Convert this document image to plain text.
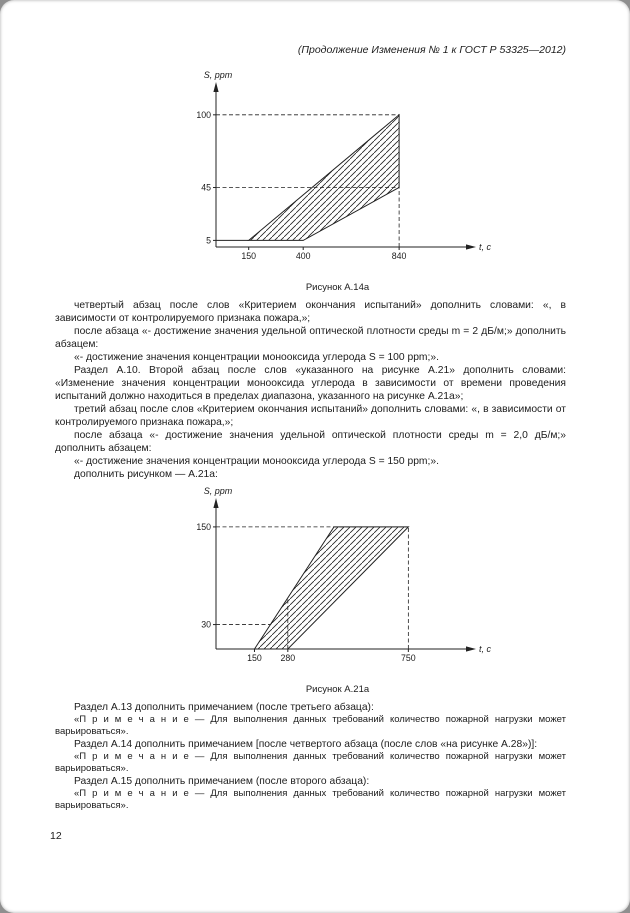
(Продолжение Изменения № 1 к ГОСТ Р 53325—2012)
S, ppm
t, с
5
45
100
150	400	840
Рисунок А.14а

четвертый абзац после слов «Критерием окончания испытаний» дополнить словами: «, в зависимости от контролируемого признака пожара,»;

после абзаца «- достижение значения удельной оптической плотности среды m = 2 дБ/м;» дополнить абзацем:

«- достижение значения концентрации монооксида углерода S = 100 ppm;».

Раздел А.10. Второй абзац после слов «указанного на рисунке А.21» дополнить словами: «Изменение значения концентрации монооксида углерода в зависимости от времени проведения испытаний должно находиться в пределах диапазона, указанного на рисунке А.21а»;

третий абзац после слов «Критерием окончания испытаний» дополнить словами: «, в зависимости от контролируемого признака пожара,»;

после абзаца «- достижение значения удельной оптической плотности среды m = 2,0 дБ/м;» дополнить абзацем:

«- достижение значения концентрации монооксида углерода S = 150 ppm;».

дополнить рисунком — А.21а:

S, ppm
t, с
30
150
150 280	750
Рисунок А.21а

Раздел А.13 дополнить примечанием (после третьего абзаца):

«П р и м е ч а н и е — Для выполнения данных требований количество пожарной нагрузки может варьироваться».

Раздел А.14 дополнить примечанием [после четвертого абзаца (после слов «на рисунке А.28»)]:

«П р и м е ч а н и е — Для выполнения данных требований количество пожарной нагрузки может варьироваться».

Раздел А.15 дополнить примечанием (после второго абзаца):

«П р и м е ч а н и е — Для выполнения данных требований количество пожарной нагрузки может варьироваться».

12
